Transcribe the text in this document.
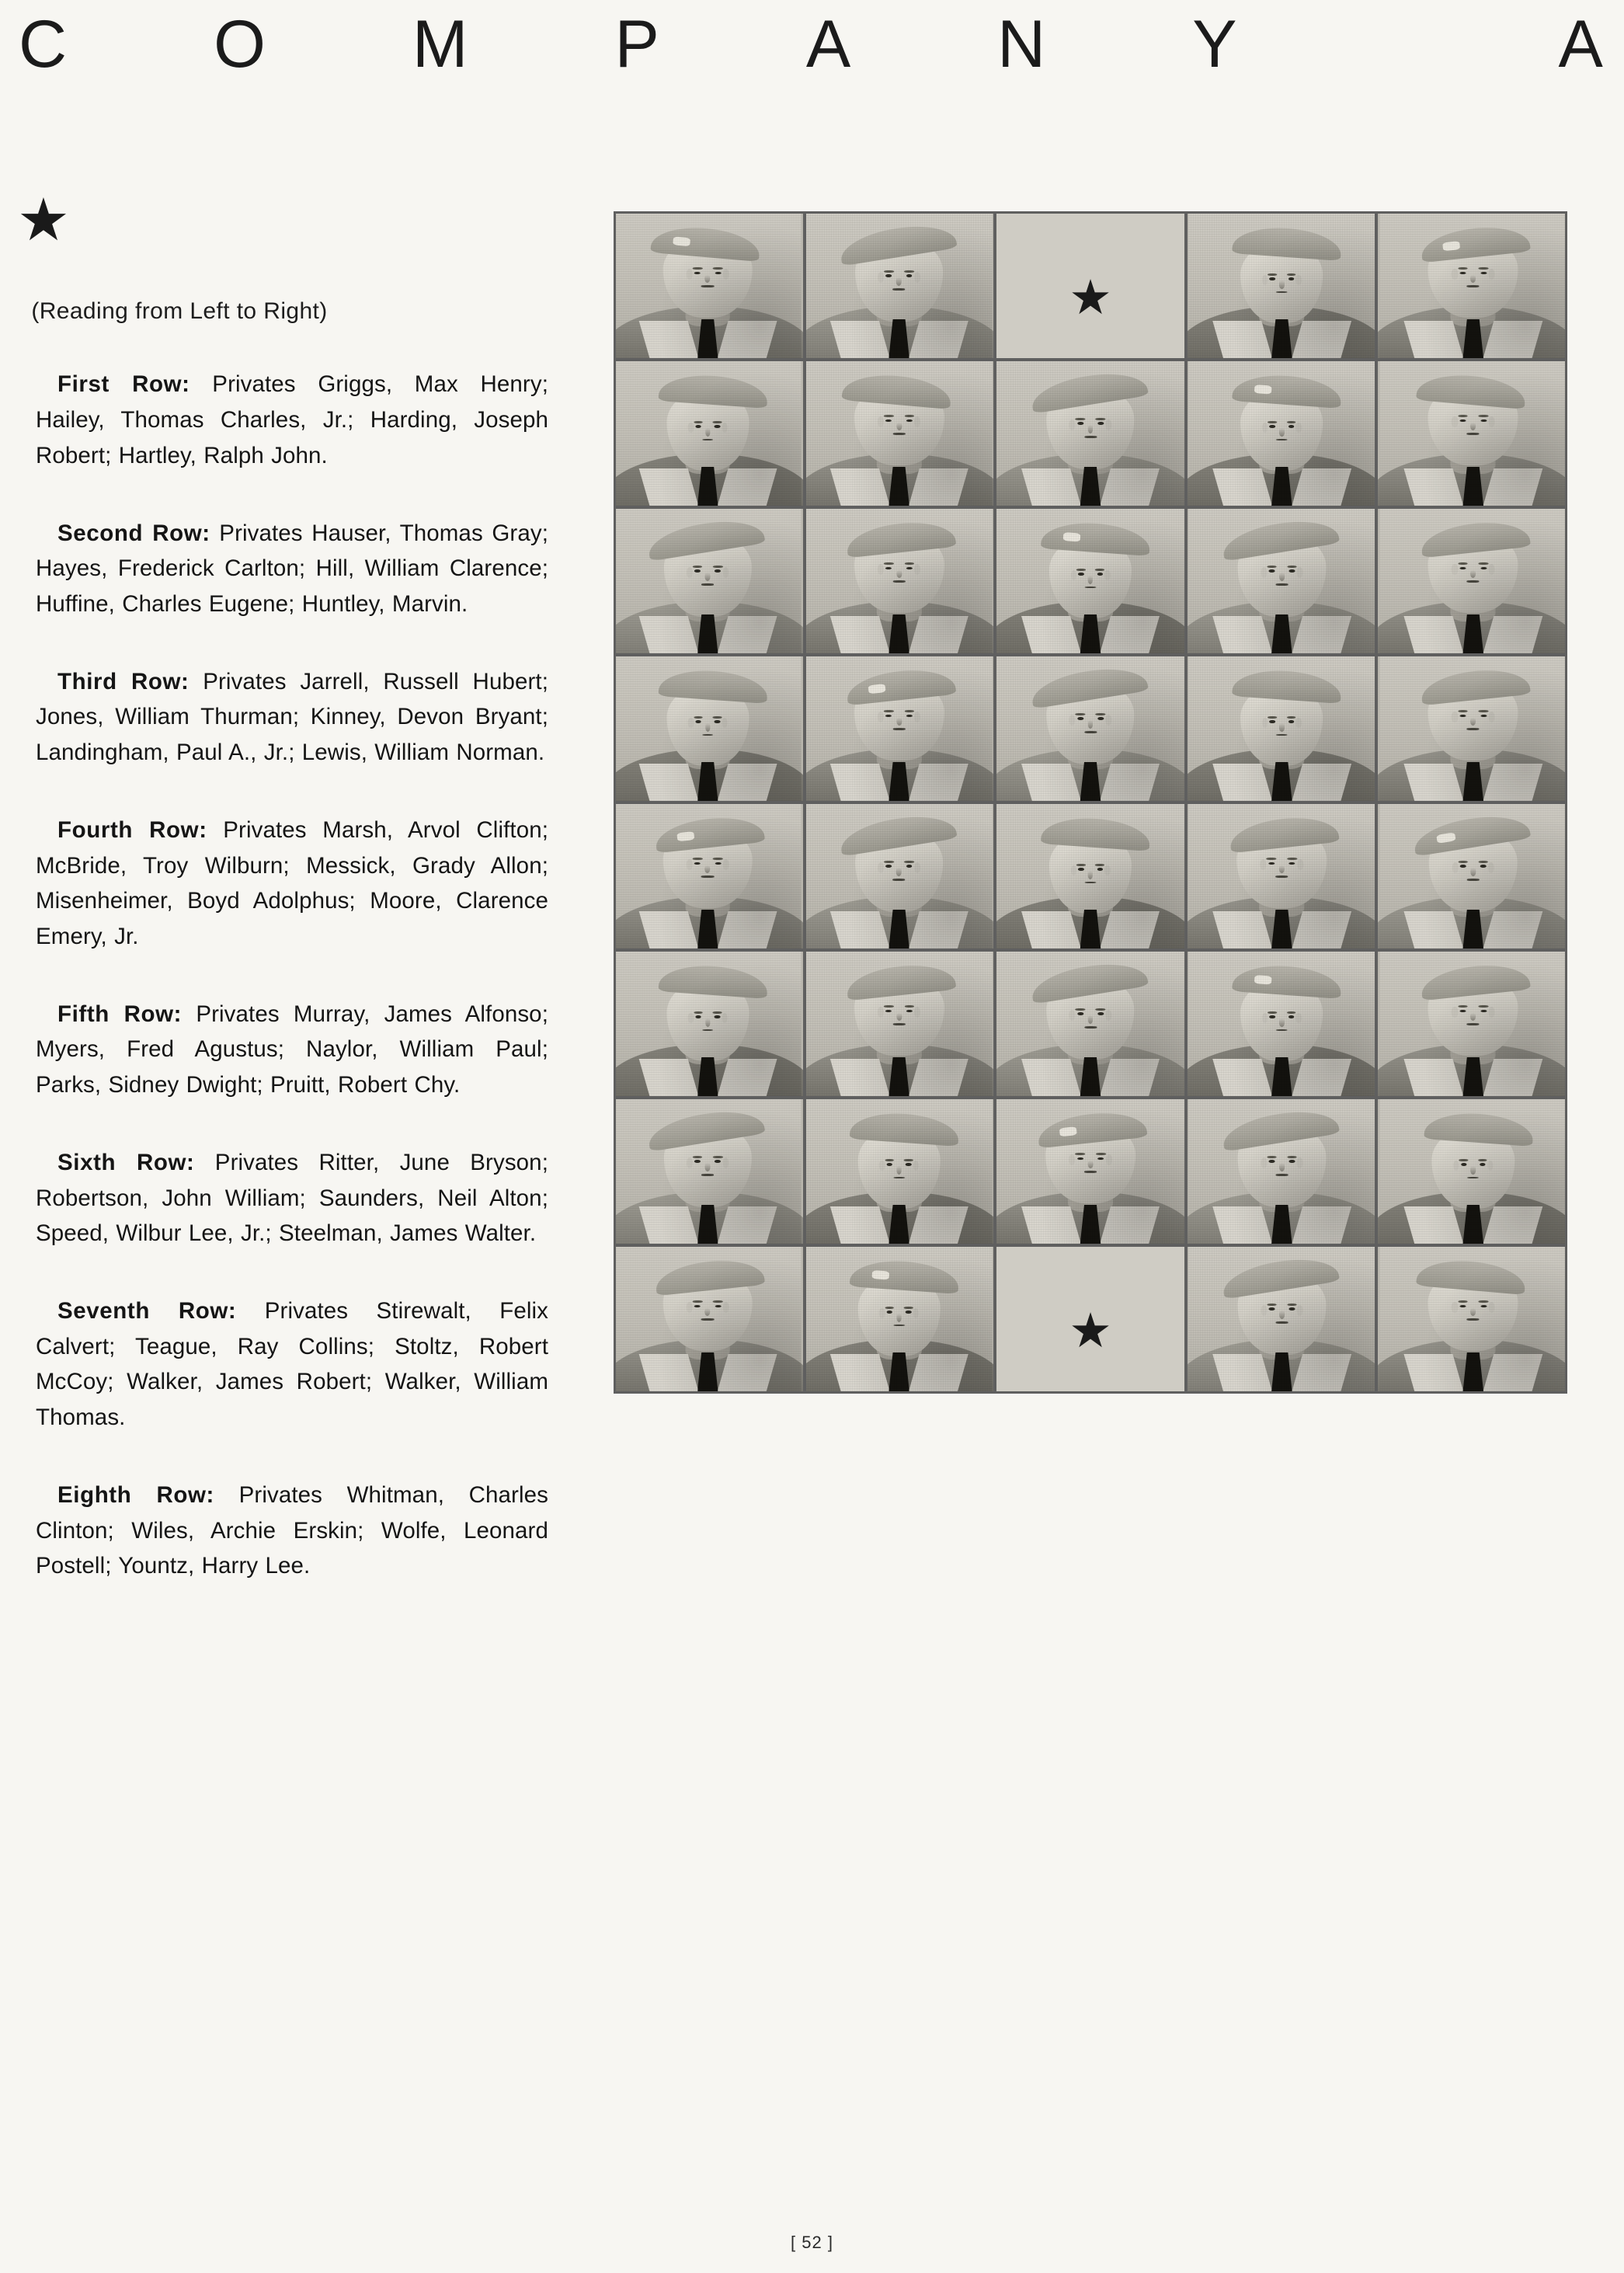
C O M P A N Y	A
★
(Reading from Left to Right)

First Row: Privates Griggs, Max Henry; Hailey, Thomas Charles, Jr.; Harding, Joseph Robert; Hartley, Ralph John.

Second Row: Privates Hauser, Thomas Gray; Hayes, Frederick Carlton; Hill, William Clarence; Huffine, Charles Eugene; Huntley, Marvin.

Third Row: Privates Jarrell, Russell Hubert; Jones, William Thurman; Kinney, Devon Bryant; Landingham, Paul A., Jr.; Lewis, William Norman.

Fourth Row: Privates Marsh, Arvol Clifton; McBride, Troy Wilburn; Messick, Grady Allon; Misenheimer, Boyd Adolphus; Moore, Clarence Emery, Jr.

Fifth Row: Privates Murray, James Alfonso; Myers, Fred Agustus; Naylor, William Paul; Parks, Sidney Dwight; Pruitt, Robert Chy.

Sixth Row: Privates Ritter, June Bryson; Robertson, John William; Saunders, Neil Alton; Speed, Wilbur Lee, Jr.; Steelman, James Walter.

Seventh Row: Privates Stirewalt, Felix Calvert; Teague, Ray Collins; Stoltz, Robert McCoy; Walker, James Robert; Walker, William Thomas.

Eighth Row: Privates Whitman, Charles Clinton; Wiles, Archie Erskin; Wolfe, Leonard Postell; Yountz, Harry Lee.

★
★
[ 52 ]
